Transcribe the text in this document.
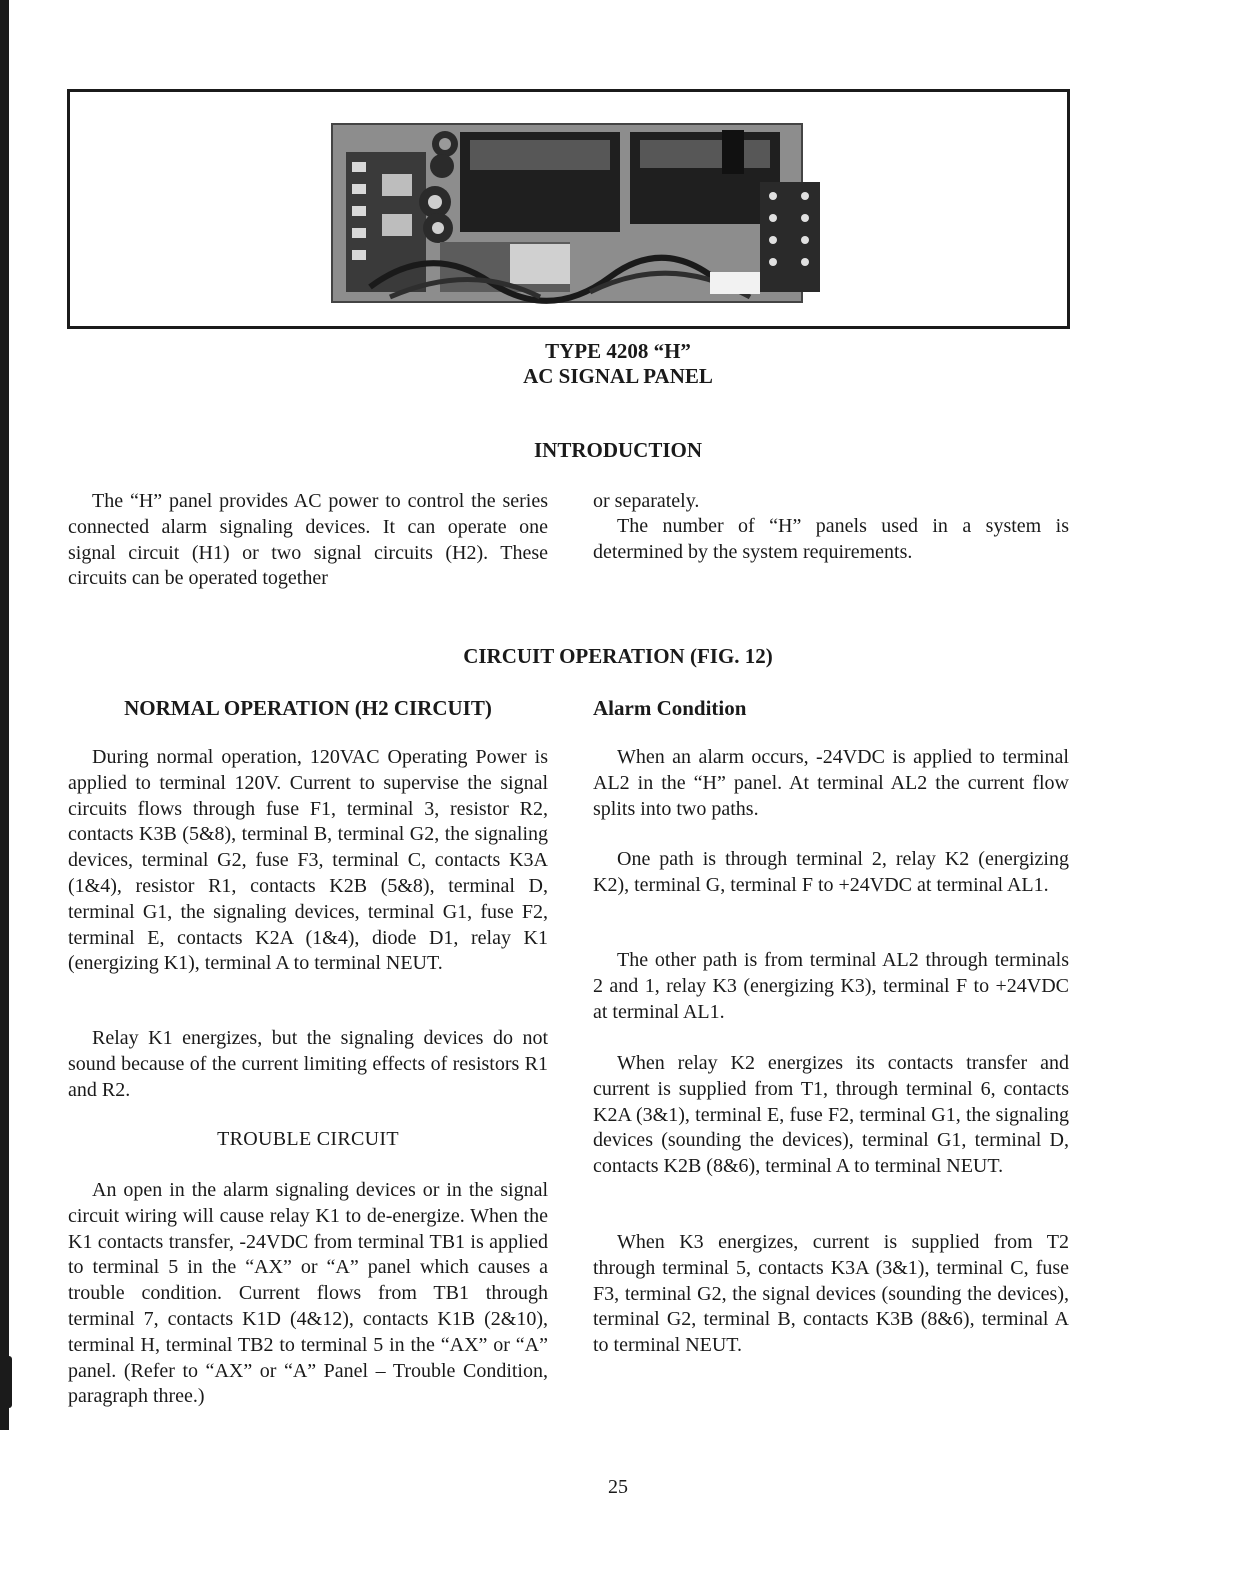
TYPE 4208 “H”
AC SIGNAL PANEL
INTRODUCTION

The “H” panel provides AC power to control the series connected alarm signaling devices. It can operate one signal circuit (H1) or two signal circuits (H2). These circuits can be operated together

or separately.

The number of “H” panels used in a system is determined by the system requirements.

CIRCUIT OPERATION (FIG. 12)
NORMAL OPERATION (H2 CIRCUIT)

During normal operation, 120VAC Operating Power is applied to terminal 120V. Current to supervise the signal circuits flows through fuse F1, terminal 3, resistor R2, contacts K3B (5&8), terminal B, terminal G2, the signaling devices, terminal G2, fuse F3, terminal C, contacts K3A (1&4), resistor R1, contacts K2B (5&8), terminal D, terminal G1, the signaling devices, terminal G1, fuse F2, terminal E, contacts K2A (1&4), diode D1, relay K1 (energizing K1), terminal A to terminal NEUT.

Relay K1 energizes, but the signaling devices do not sound because of the current limiting effects of resistors R1 and R2.

TROUBLE CIRCUIT

An open in the alarm signaling devices or in the signal circuit wiring will cause relay K1 to de-energize. When the K1 contacts transfer, -24VDC from terminal TB1 is applied to terminal 5 in the “AX” or “A” panel which causes a trouble condition. Current flows from TB1 through terminal 7, contacts K1D (4&12), contacts K1B (2&10), terminal H, terminal TB2 to terminal 5 in the “AX” or “A” panel. (Refer to “AX” or “A” Panel – Trouble Condition, paragraph three.)

Alarm Condition

When an alarm occurs, -24VDC is applied to terminal AL2 in the “H” panel. At terminal AL2 the current flow splits into two paths.

One path is through terminal 2, relay K2 (energizing K2), terminal G, terminal F to +24VDC at terminal AL1.

The other path is from terminal AL2 through terminals 2 and 1, relay K3 (energizing K3), terminal F to +24VDC at terminal AL1.

When relay K2 energizes its contacts transfer and current is supplied from T1, through terminal 6, contacts K2A (3&1), terminal E, fuse F2, terminal G1, the signaling devices (sounding the devices), terminal G1, terminal D, contacts K2B (8&6), terminal A to terminal NEUT.

When K3 energizes, current is supplied from T2 through terminal 5, contacts K3A (3&1), terminal C, fuse F3, terminal G2, the signal devices (sounding the devices), terminal G2, terminal B, contacts K3B (8&6), terminal A to terminal NEUT.

25
